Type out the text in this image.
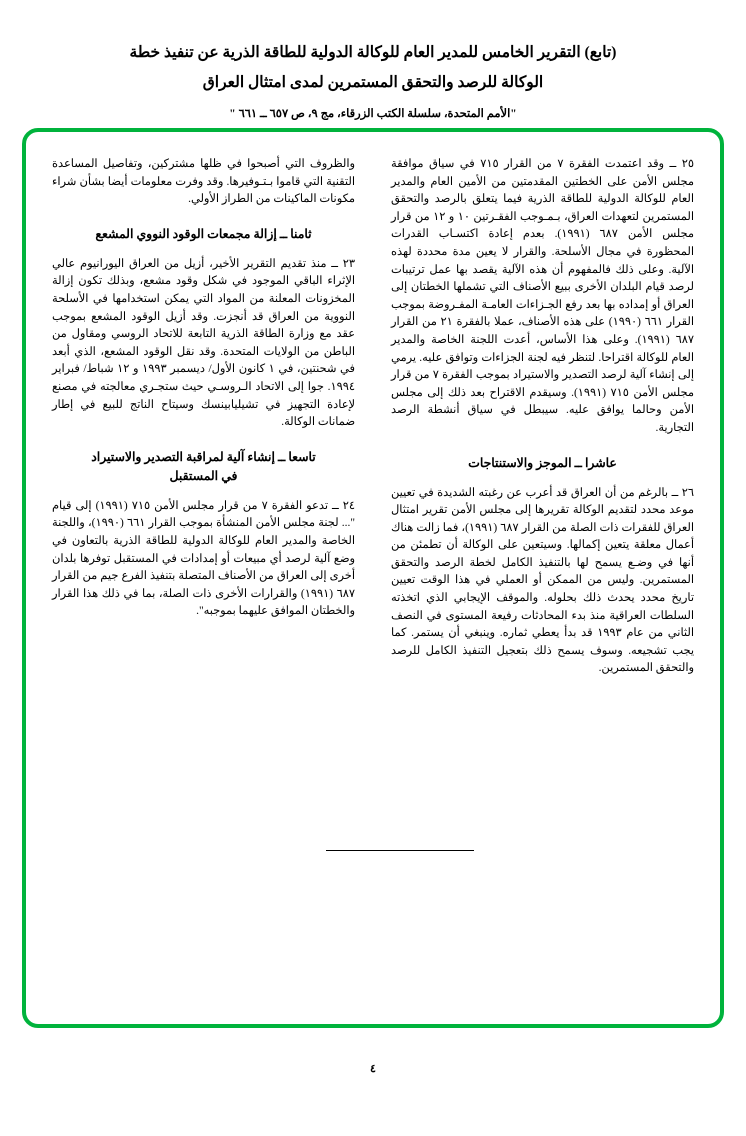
(تابع) التقرير الخامس للمدير العام للوكالة الدولية للطاقة الذرية عن تنفيذ خطة
الوكالة للرصد والتحقق المستمرين لمدى امتثال العراق
"الأمم المتحدة، سلسلة الكتب الزرقاء، مج ٩، ص ٦٥٧ ــ ٦٦١ "

والظروف التي أصبحوا في ظلها مشتركين، وتفاصيل المساعدة التقنية التي قاموا بـتـوفيرها. وقد وفرت معلومات أيضا بشأن شراء مكونات الماكينات من الطراز الأولي.

ثامنا ــ إزالة مجمعات الوقود النووي المشعع

٢٣ ــ منذ تقديم التقرير الأخير، أزيل من العراق اليورانيوم عالي الإثراء الباقي الموجود في شكل وقود مشعع، وبذلك تكون إزالة المخزونات المعلنة من المواد التي يمكن استخدامها في الأسلحة النووية من العراق قد أنجزت. وقد أزيل الوقود المشعع بموجب عقد مع وزارة الطاقة الذرية التابعة للاتحاد الروسي ومقاول من الباطن من الولايات المتحدة. وقد نقل الوقود المشعع، الذي أبعد في شحنتين، في ١ كانون الأول/ ديسمبر ١٩٩٣ و ١٢ شباط/ فبراير ١٩٩٤. جوا إلى الاتحاد الـروسـي حيث ستجـري معالجته في مصنع لإعادة التجهيز في تشيليابينسك وسيتاح الناتج للبيع في إطار ضمانات الوكالة.

تاسعا ــ إنشاء آلية لمراقبة التصدير والاستيراد
في المستقبل

٢٤ ــ تدعو الفقرة ٧ من قرار مجلس الأمن ٧١٥ (١٩٩١) إلى قيام "... لجنة مجلس الأمن المنشأة بموجب القرار ٦٦١ (١٩٩٠)، واللجنة الخاصة والمدير العام للوكالة الدولية للطاقة الذرية بالتعاون في وضع آلية لرصد أي مبيعات أو إمدادات في المستقبل توفرها بلدان أخرى إلى العراق من الأصناف المتصلة بتنفيذ الفرع جيم من القرار ٦٨٧ (١٩٩١) والقرارات الأخرى ذات الصلة، بما في ذلك هذا القرار والخطتان الموافق عليهما بموجبه".

٢٥ ــ وقد اعتمدت الفقرة ٧ من القرار ٧١٥ في سياق موافقة مجلس الأمن على الخطتين المقدمتين من الأمين العام والمدير العام للوكالة الدولية للطاقة الذرية فيما يتعلق بالرصد والتحقق المستمرين لتعهدات العراق، بـمـوجب الفقـرتين ١٠ و ١٢ من قرار مجلس الأمن ٦٨٧ (١٩٩١). بعدم إعادة اكتسـاب القدرات المحظورة في مجال الأسلحة. والقرار لا يعين مدة محددة لهذه الآلية. وعلى ذلك فالمفهوم أن هذه الآلية يقصد بها عمل ترتيبات لرصد قيام البلدان الأخرى ببيع الأصناف التي تشملها الخطتان إلى العراق أو إمداده بها بعد رفع الجـزاءات العامـة المفـروضة بموجب القرار ٦٦١ (١٩٩٠) على هذه الأصناف، عملا بالفقرة ٢١ من القرار ٦٨٧ (١٩٩١). وعلى هذا الأساس، أعدت اللجنة الخاصة والمدير العام للوكالة اقتراحا. لتنظر فيه لجنة الجزاءات وتوافق عليه. يرمي إلى إنشاء آلية لرصد التصدير والاستيراد بموجب الفقرة ٧ من قرار مجلس الأمن ٧١٥ (١٩٩١). وسيقدم الاقتراح بعد ذلك إلى مجلس الأمن وحالما يوافق عليه. سيبطل في سياق أنشطة الرصد التجارية.

عاشرا ــ الموجز والاستنتاجات

٢٦ ــ بالرغم من أن العراق قد أعرب عن رغبته الشديدة في تعيين موعد محدد لتقديم الوكالة تقريرها إلى مجلس الأمن تقرير امتثال العراق للفقرات ذات الصلة من القرار ٦٨٧ (١٩٩١)، فما زالت هناك أعمال معلقة يتعين إكمالها. وسيتعين على الوكالة أن تطمئن من أنها في وضـع يسمح لها بالتنفيذ الكامل لخطة الرصد والتحقق المستمرين. وليس من الممكن أو العملي في هذا الوقت تعيين تاريخ محدد يحدث ذلك بحلوله. والموقف الإيجابي الذي اتخذته السلطات العراقية منذ بدء المحادثات رفيعة المستوى في النصف الثاني من عام ١٩٩٣ قد بدأ يعطي ثماره. وينبغي أن يستمر. كما يجب تشجيعه. وسوف يسمح ذلك بتعجيل التنفيذ الكامل للرصد والتحقق المستمرين.

٤
